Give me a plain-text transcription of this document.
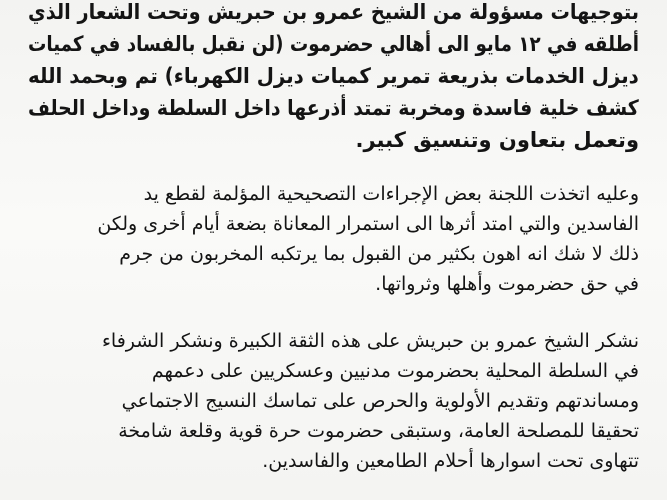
بتوجيهات مسؤولة من الشيخ عمرو بن حبريش وتحت الشعار الذي
أطلقه في ١٢ مايو الى أهالي حضرموت (لن نقبل بالفساد في كميات
ديزل الخدمات بذريعة تمرير كميات ديزل الكهرباء) تم وبحمد الله
كشف خلية فاسدة ومخربة تمتد أذرعها داخل السلطة وداخل الحلف
وتعمل بتعاون وتنسيق كبير.
وعليه اتخذت اللجنة بعض الإجراءات التصحيحية المؤلمة لقطع يد
الفاسدين والتي امتد أثرها الى استمرار المعاناة بضعة أيام أخرى ولكن
ذلك لا شك انه اهون بكثير من القبول بما يرتكبه المخربون من جرم
في حق حضرموت وأهلها وثرواتها.
نشكر الشيخ عمرو بن حبريش على هذه الثقة الكبيرة ونشكر الشرفاء
في السلطة المحلية بحضرموت مدنيين وعسكريين على دعمهم
ومساندتهم وتقديم الأولوية والحرص على تماسك النسيج الاجتماعي
تحقيقا للمصلحة العامة، وستبقى حضرموت حرة قوية وقلعة شامخة
تتهاوى تحت اسوارها أحلام الطامعين والفاسدين.
